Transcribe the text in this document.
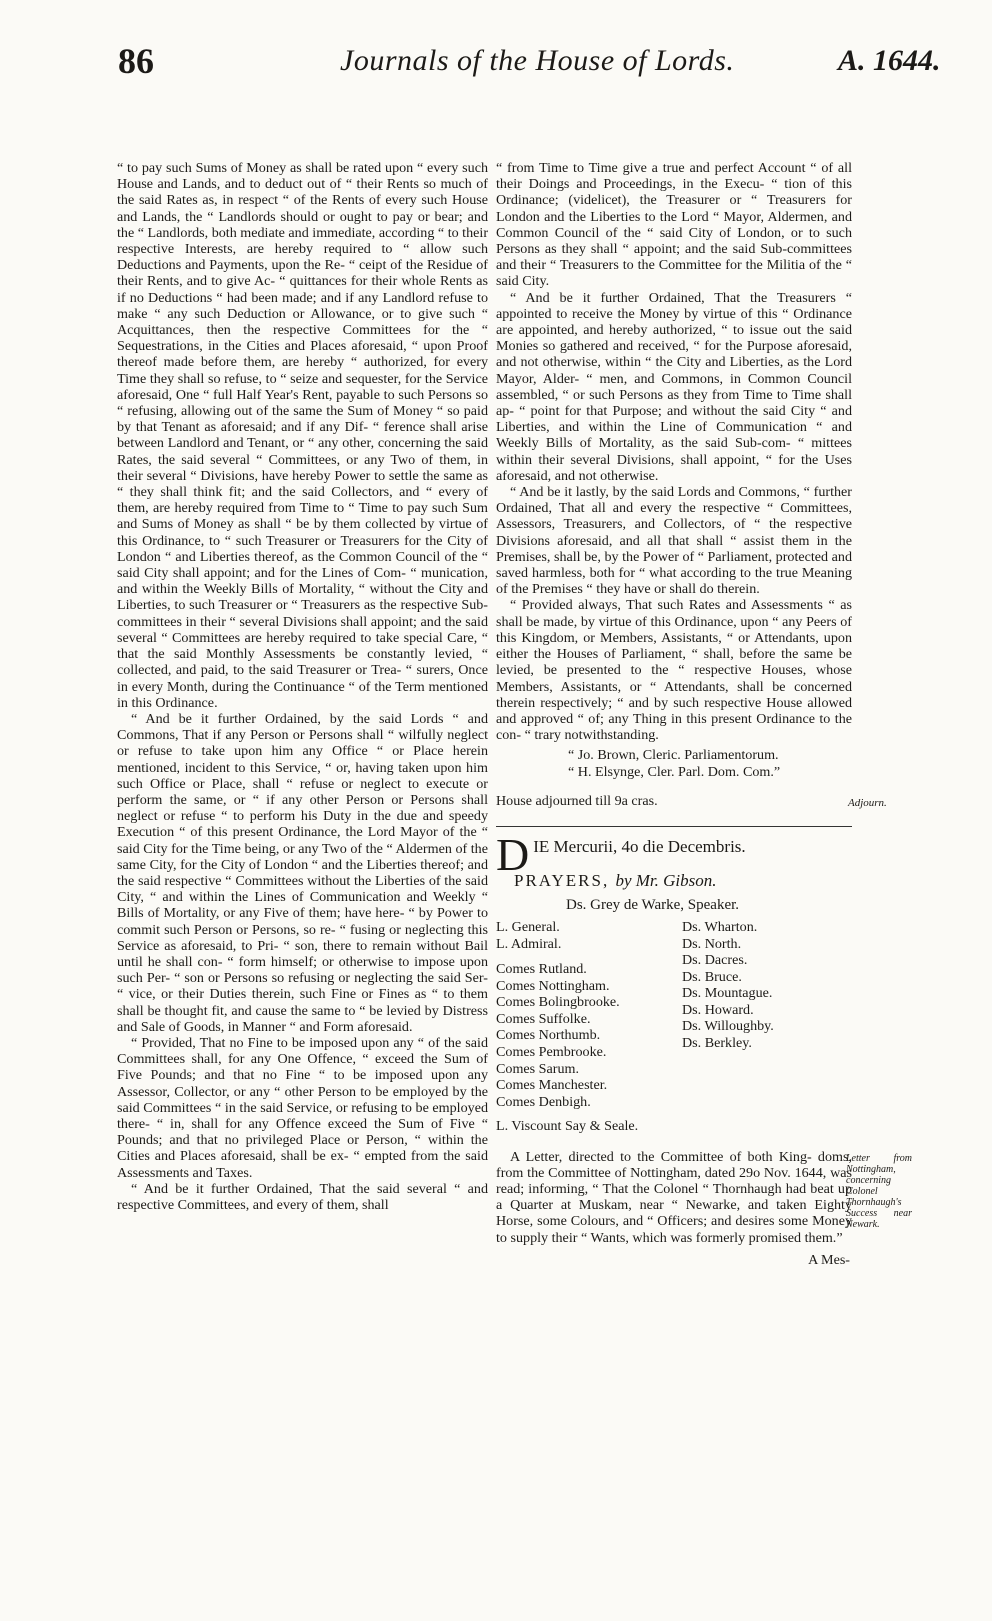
86	Journals of the House of Lords.	A. 1644.

“ to pay such Sums of Money as shall be rated upon “ every such House and Lands, and to deduct out of “ their Rents so much of the said Rates as, in respect “ of the Rents of every such House and Lands, the “ Landlords should or ought to pay or bear; and the “ Landlords, both mediate and immediate, according “ to their respective Interests, are hereby required to “ allow such Deductions and Payments, upon the Re- “ ceipt of the Residue of their Rents, and to give Ac- “ quittances for their whole Rents as if no Deductions “ had been made; and if any Landlord refuse to make “ any such Deduction or Allowance, or to give such “ Acquittances, then the respective Committees for the “ Sequestrations, in the Cities and Places aforesaid, “ upon Proof thereof made before them, are hereby “ authorized, for every Time they shall so refuse, to “ seize and sequester, for the Service aforesaid, One “ full Half Year's Rent, payable to such Persons so “ refusing, allowing out of the same the Sum of Money “ so paid by that Tenant as aforesaid; and if any Dif- “ ference shall arise between Landlord and Tenant, or “ any other, concerning the said Rates, the said several “ Committees, or any Two of them, in their several “ Divisions, have hereby Power to settle the same as “ they shall think fit; and the said Collectors, and “ every of them, are hereby required from Time to “ Time to pay such Sum and Sums of Money as shall “ be by them collected by virtue of this Ordinance, to “ such Treasurer or Treasurers for the City of London “ and Liberties thereof, as the Common Council of the “ said City shall appoint; and for the Lines of Com- “ munication, and within the Weekly Bills of Mortality, “ without the City and Liberties, to such Treasurer or “ Treasurers as the respective Sub-committees in their “ several Divisions shall appoint; and the said several “ Committees are hereby required to take special Care, “ that the said Monthly Assessments be constantly levied, “ collected, and paid, to the said Treasurer or Trea- “ surers, Once in every Month, during the Continuance “ of the Term mentioned in this Ordinance.

“ And be it further Ordained, by the said Lords “ and Commons, That if any Person or Persons shall “ wilfully neglect or refuse to take upon him any Office “ or Place herein mentioned, incident to this Service, “ or, having taken upon him such Office or Place, shall “ refuse or neglect to execute or perform the same, or “ if any other Person or Persons shall neglect or refuse “ to perform his Duty in the due and speedy Execution “ of this present Ordinance, the Lord Mayor of the “ said City for the Time being, or any Two of the “ Aldermen of the same City, for the City of London “ and the Liberties thereof; and the said respective “ Committees without the Liberties of the said City, “ and within the Lines of Communication and Weekly “ Bills of Mortality, or any Five of them; have here- “ by Power to commit such Person or Persons, so re- “ fusing or neglecting this Service as aforesaid, to Pri- “ son, there to remain without Bail until he shall con- “ form himself; or otherwise to impose upon such Per- “ son or Persons so refusing or neglecting the said Ser- “ vice, or their Duties therein, such Fine or Fines as “ to them shall be thought fit, and cause the same to “ be levied by Distress and Sale of Goods, in Manner “ and Form aforesaid.

“ Provided, That no Fine to be imposed upon any “ of the said Committees shall, for any One Offence, “ exceed the Sum of Five Pounds; and that no Fine “ to be imposed upon any Assessor, Collector, or any “ other Person to be employed by the said Committees “ in the said Service, or refusing to be employed there- “ in, shall for any Offence exceed the Sum of Five “ Pounds; and that no privileged Place or Person, “ within the Cities and Places aforesaid, shall be ex- “ empted from the said Assessments and Taxes.

“ And be it further Ordained, That the said several “ and respective Committees, and every of them, shall

“ from Time to Time give a true and perfect Account “ of all their Doings and Proceedings, in the Execu- “ tion of this Ordinance; (videlicet), the Treasurer or “ Treasurers for London and the Liberties to the Lord “ Mayor, Aldermen, and Common Council of the “ said City of London, or to such Persons as they shall “ appoint; and the said Sub-committees and their “ Treasurers to the Committee for the Militia of the “ said City.

“ And be it further Ordained, That the Treasurers “ appointed to receive the Money by virtue of this “ Ordinance are appointed, and hereby authorized, “ to issue out the said Monies so gathered and received, “ for the Purpose aforesaid, and not otherwise, within “ the City and Liberties, as the Lord Mayor, Alder- “ men, and Commons, in Common Council assembled, “ or such Persons as they from Time to Time shall ap- “ point for that Purpose; and without the said City “ and Liberties, and within the Line of Communication “ and Weekly Bills of Mortality, as the said Sub-com- “ mittees within their several Divisions, shall appoint, “ for the Uses aforesaid, and not otherwise.

“ And be it lastly, by the said Lords and Commons, “ further Ordained, That all and every the respective “ Committees, Assessors, Treasurers, and Collectors, of “ the respective Divisions aforesaid, and all that shall “ assist them in the Premises, shall be, by the Power of “ Parliament, protected and saved harmless, both for “ what according to the true Meaning of the Premises “ they have or shall do therein.

“ Provided always, That such Rates and Assessments “ as shall be made, by virtue of this Ordinance, upon “ any Peers of this Kingdom, or Members, Assistants, “ or Attendants, upon either the Houses of Parliament, “ shall, before the same be levied, be presented to the “ respective Houses, whose Members, Assistants, or “ Attendants, shall be concerned therein respectively; “ and by such respective House allowed and approved “ of; any Thing in this present Ordinance to the con- “ trary notwithstanding.

“ Jo. Brown, Cleric. Parliamentorum.
“ H. Elsynge, Cler. Parl. Dom. Com.”
House adjourned till 9a cras.	Adjourn.
DIE Mercurii, 4o die Decembris.
PRAYERS, by Mr. Gibson.
Ds. Grey de Warke, Speaker.
L. General.
L. Admiral.
Comes Rutland.
Comes Nottingham.
Comes Bolingbrooke.
Comes Suffolke.
Comes Northumb.
Comes Pembrooke.
Comes Sarum.
Comes Manchester.
Comes Denbigh.
Ds. Wharton.
Ds. North.
Ds. Dacres.
Ds. Bruce.
Ds. Mountague.
Ds. Howard.
Ds. Willoughby.
Ds. Berkley.
L. Viscount Say & Seale.

A Letter, directed to the Committee of both King- doms, from the Committee of Nottingham, dated 29o Nov. 1644, was read; informing, “ That the Colonel “ Thornhaugh had beat up a Quarter at Muskam, near “ Newarke, and taken Eighty Horse, some Colours, and “ Officers; and desires some Money to supply their “ Wants, which was formerly promised them.”

Letter from Nottingham, concerning Colonel Thornhaugh's Success near Newark.
A Mes-
